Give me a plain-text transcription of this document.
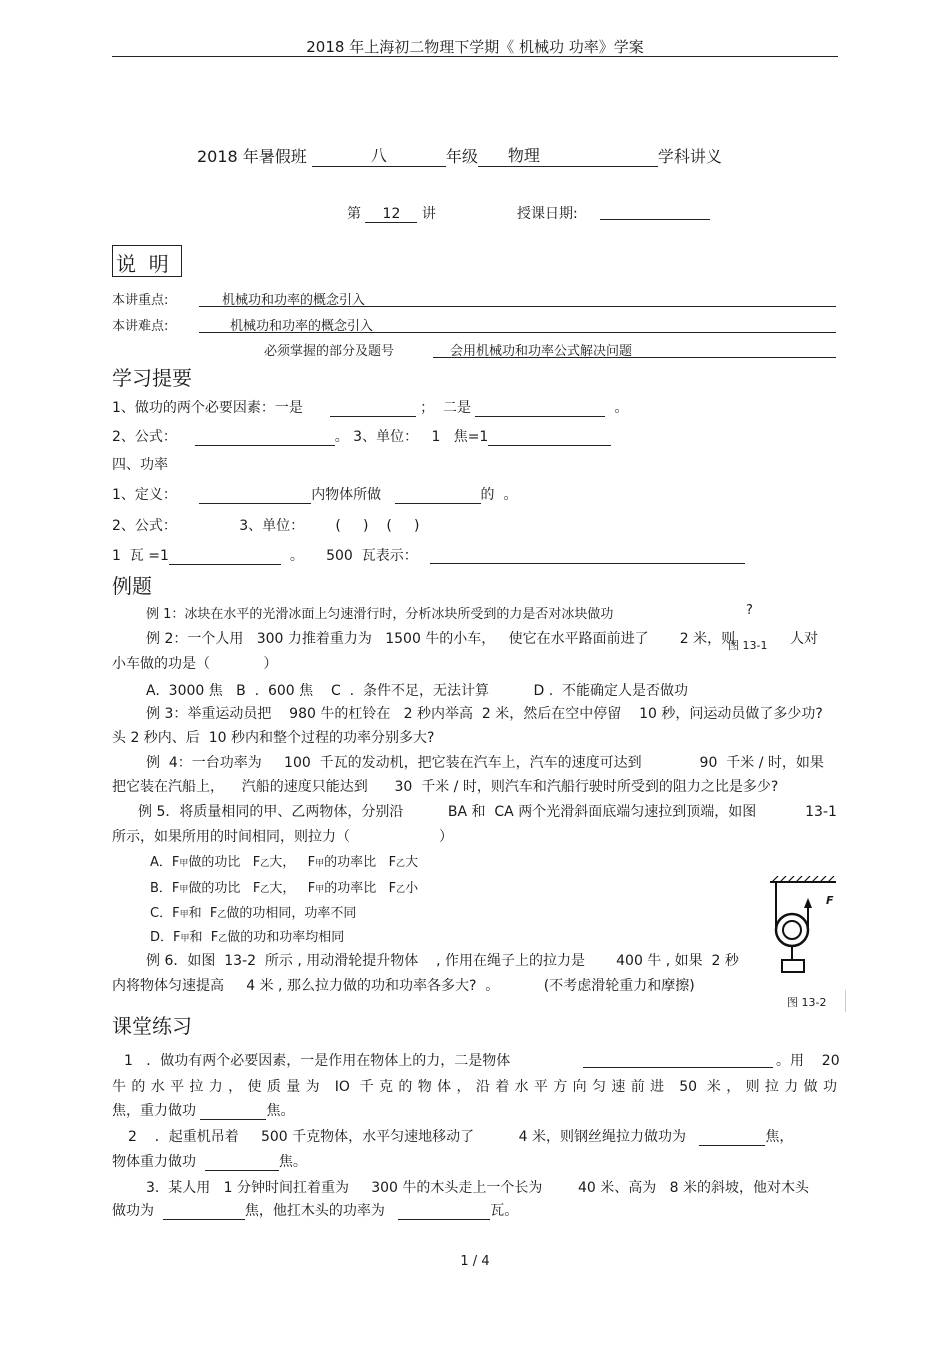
2018 年上海初二物理下学期《 机械功 功率》学案
2018 年暑假班	八	年级 物理	学科讲义
第 12 讲	授课日期:
说  明
本讲重点:	机械功和功率的概念引入
本讲难点:	机械功和功率的概念引入
必须掌握的部分及题号	会用机械功和功率公式解决问题
学习提要
1、做功的两个必要因素：一是	；  二是	。
2、公式：	。 3、单位：   1   焦=1
四、功率
1、定义：	内物体所做	的  。
2、公式：	3、单位： (     ) (     )
1  瓦 =1	。 500  瓦表示：
例题
例 1：冰块在水平的光滑冰面上匀速滑行时，分析冰块所受到的力是否对冰块做功	?
例 2：一个人用   300 力推着重力为   1500 牛的小车，   使它在水平路面前进了       2 米，则
图 13-1 人对
小车做的功是（            ）
A.  3000 焦   B  .  600 焦    C  .  条件不足，无法计算          D .  不能确定人是否做功
例 3：举重运动员把    980 牛的杠铃在   2 秒内举高  2 米，然后在空中停留    10 秒，问运动员做了多少功?
头 2 秒内、后  10 秒内和整个过程的功率分别多大?
例  4：一台功率为     100  千瓦的发动机，把它装在汽车上，汽车的速度可达到             90  千米 / 时，如果
把它装在汽船上，    汽船的速度只能达到      30  千米 / 时，则汽车和汽船行驶时所受到的阻力之比是多少?
例 5．将质量相同的甲、乙两物体，分别沿          BA 和  CA 两个光滑斜面底端匀速拉到顶端，如图           13-1
所示，如果所用的时间相同，则拉力（                    ）
A．F甲做的功比   F乙大，   F甲的功率比   F乙大
B．F甲做的功比   F乙大，   F甲的功率比   F乙小
C．F甲和  F乙做的功相同，功率不同
D．F甲和  F乙做的功和功率均相同
例 6．如图  13-2  所示 , 用动滑轮提升物体    , 作用在绳子上的拉力是       400 牛 , 如果  2 秒
内将物体匀速提高     4 米 , 那么拉力做的功和功率各多大?  。          (不考虑滑轮重力和摩擦)
F
图 13-2
课堂练习
1   ．做功有两个必要因素，一是作用在物体上的力，二是物体	。用    20
牛的水平拉力，使质量为 IO 千克的物体，沿着水平方向匀速前进 50 米，则拉力做功
焦，重力做功	焦。
2    ．起重机吊着     500 千克物体，水平匀速地移动了          4 米，则钢丝绳拉力做功为	焦，
物体重力做功	焦。
3.  某人用   1 分钟时间扛着重为     300 牛的木头走上一个长为        40 米、高为   8 米的斜坡，他对木头
做功为	焦，他扛木头的功率为	瓦。
1 / 4
